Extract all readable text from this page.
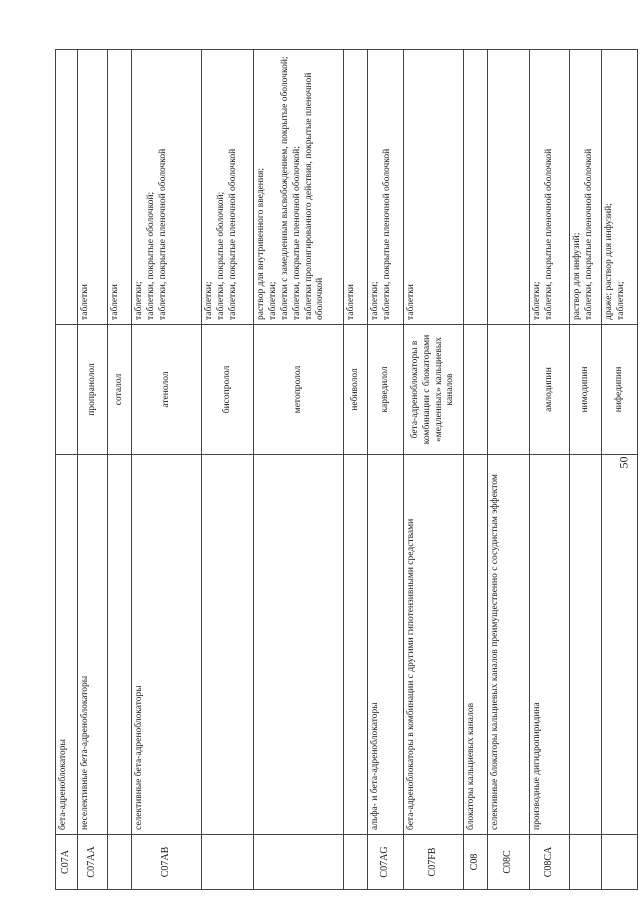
C07A	бета-адреноблокаторы		
C07AA	неселективные бета-адреноблокаторы	пропранолол	таблетки
		соталол	таблетки
C07AB	селективные бета-адреноблокаторы	атенолол	таблетки;
таблетки, покрытые оболочкой;
таблетки, покрытые пленочной оболочкой
		бисопролол	таблетки;
таблетки, покрытые оболочкой;
таблетки, покрытые пленочной оболочкой
		метопролол	раствор для внутривенного введения;
таблетки;
таблетки с замедленным высвобождением, покрытые оболочкой;
таблетки, покрытые пленочной оболочкой;
таблетки пролонгированного действия, покрытые пленочной оболочкой
		небиволол	таблетки
C07AG	альфа- и бета-адреноблокаторы	карведилол	таблетки;
таблетки, покрытые пленочной оболочкой
C07FB	бета-адреноблокаторы в комбинации с другими гипотензивными средствами	бета-адреноблокаторы в комбинации с блокаторами «медленных» кальциевых каналов	таблетки
C08	блокаторы кальциевых каналов		
C08C	селективные блокаторы кальциевых каналов преимущественно с сосудистым эффектом		
C08CA	производные дигидропиридина	амлодипин	таблетки;
таблетки, покрытые пленочной оболочкой
		нимодипин	раствор для инфузий;
таблетки, покрытые пленочной оболочкой
		нифедипин	драже; раствор для инфузий;
таблетки;
50
